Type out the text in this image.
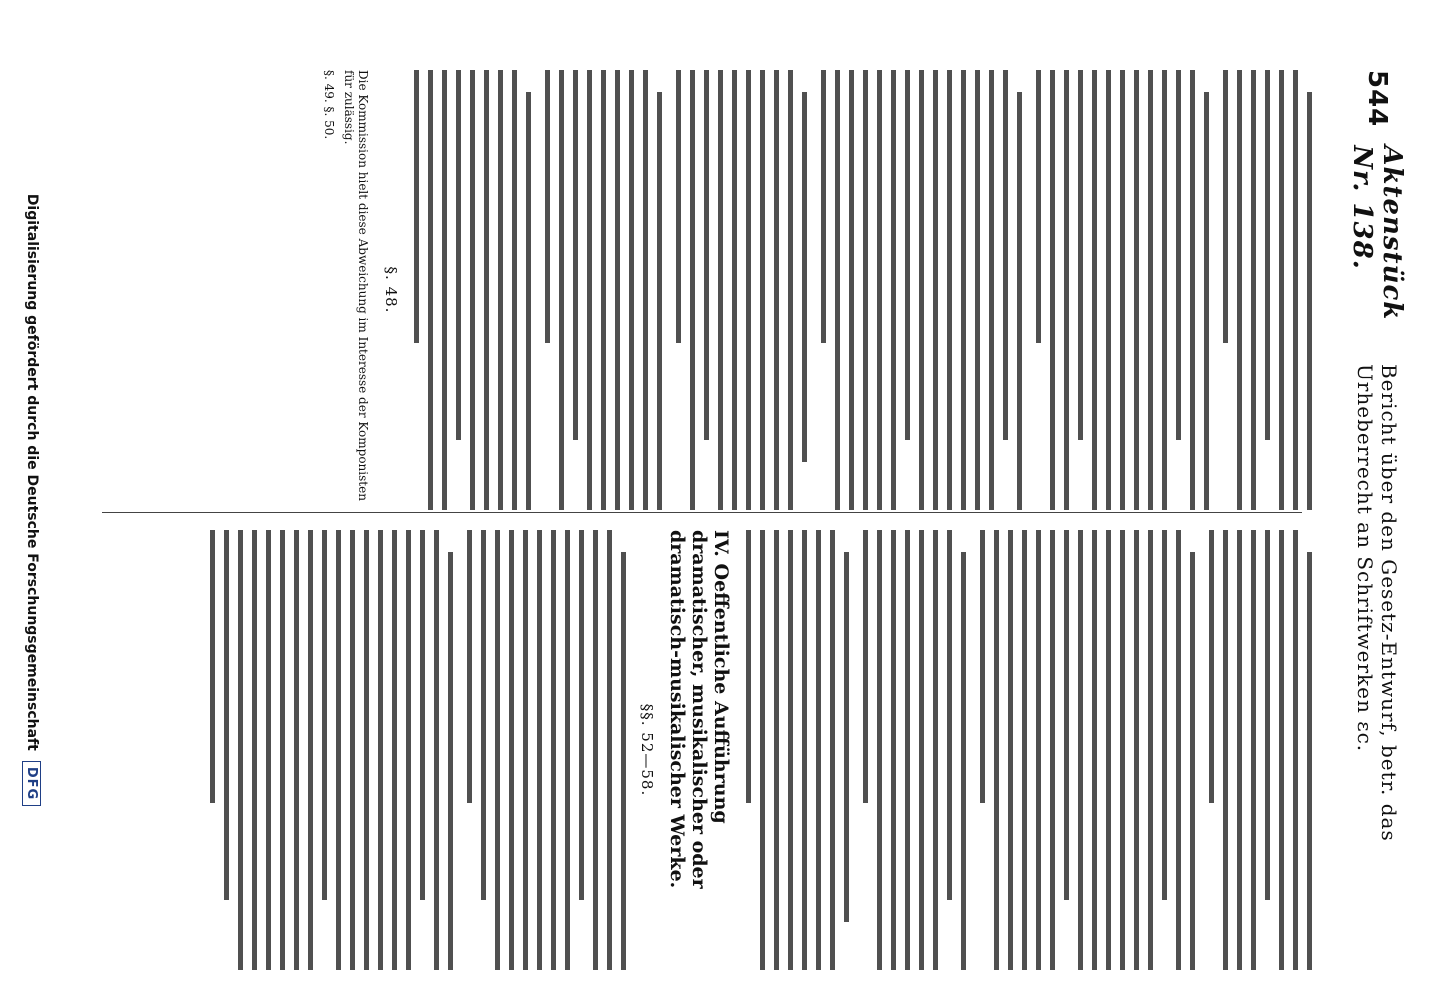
544
Aktenstück Nr. 138.
Bericht über den Gesetz-Entwurf, betr. das Urheberrecht an Schriftwerken ɛc.

§. 48.

Die Kommission hielt diese Abweichung im Interesse der Komponisten für zulässig.

§. 49. §. 50.

IV. Oeffentliche Aufführung dramatischer, musikalischer oder dramatisch-musikalischer Werke.

§§. 52—58.

Digitalisierung gefördert durch die Deutsche Forschungsgemeinschaft
DFG
